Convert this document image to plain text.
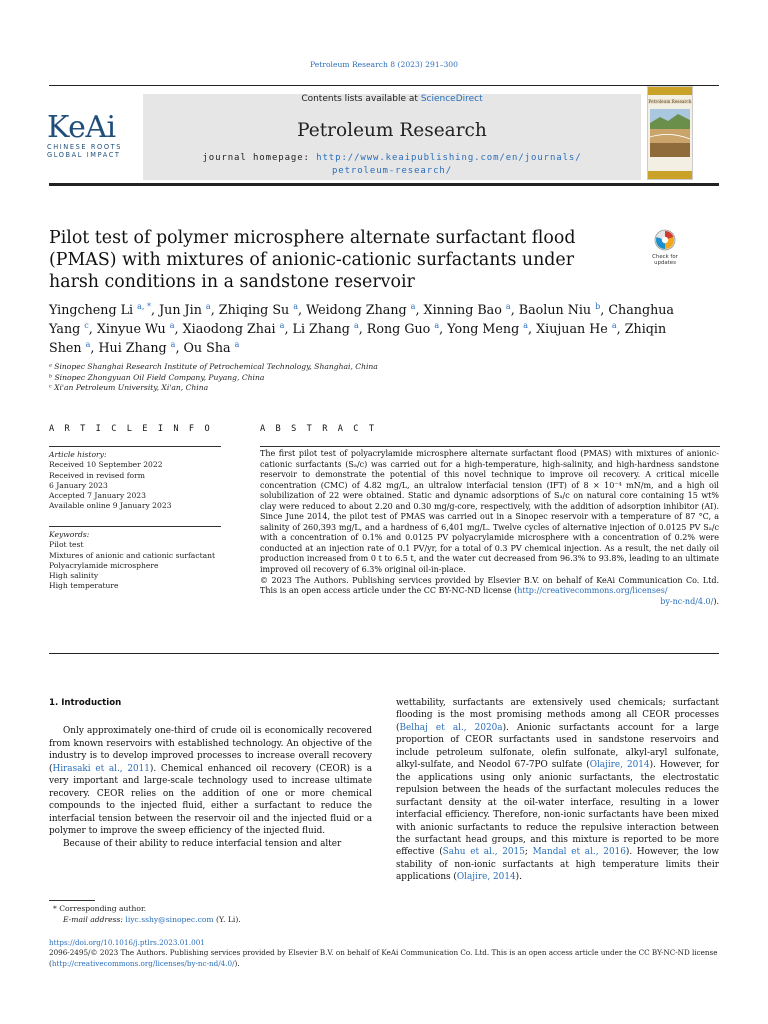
Petroleum Research 8 (2023) 291–300
KeAi
CHINESE ROOTS
GLOBAL IMPACT
Contents lists available at ScienceDirect
Petroleum Research
journal homepage: http://www.keaipublishing.com/en/journals/
petroleum-research/
Petroleum Research
Pilot test of polymer microsphere alternate surfactant flood (PMAS) with mixtures of anionic-cationic surfactants under harsh conditions in a sandstone reservoir
Check for
updates
Yingcheng Li $^{a, *}$, Jun Jin $^a$, Zhiqing Su $^a$, Weidong Zhang $^a$, Xinning Bao $^a$, Baolun Niu $^b$, Changhua Yang $^c$, Xinyue Wu $^a$, Xiaodong Zhai $^a$, Li Zhang $^a$, Rong Guo $^a$, Yong Meng $^a$, Xiujuan He $^a$, Zhiqin Shen $^a$, Hui Zhang $^a$, Ou Sha $^a$
ᵃ Sinopec Shanghai Research Institute of Petrochemical Technology, Shanghai, China
ᵇ Sinopec Zhongyuan Oil Field Company, Puyang, China
ᶜ Xi'an Petroleum University, Xi'an, China
A R T I C L E I N F O	A B S T R A C T
Article history:
Received 10 September 2022
Received in revised form
6 January 2023
Accepted 7 January 2023
Available online 9 January 2023
Keywords:
Pilot test
Mixtures of anionic and cationic surfactant
Polyacrylamide microsphere
High salinity
High temperature
The first pilot test of polyacrylamide microsphere alternate surfactant flood (PMAS) with mixtures of anionic-cationic surfactants (Sₐ/c) was carried out for a high-temperature, high-salinity, and high-hardness sandstone reservoir to demonstrate the potential of this novel technique to improve oil recovery. A critical micelle concentration (CMC) of 4.82 mg/L, an ultralow interfacial tension (IFT) of 8 × 10⁻⁴ mN/m, and a high oil solubilization of 22 were obtained. Static and dynamic adsorptions of Sₐ/c on natural core containing 15 wt% clay were reduced to about 2.20 and 0.30 mg/g-core, respectively, with the addition of adsorption inhibitor (AI). Since June 2014, the pilot test of PMAS was carried out in a Sinopec reservoir with a temperature of 87 °C, a salinity of 260,393 mg/L, and a hardness of 6,401 mg/L. Twelve cycles of alternative injection of 0.0125 PV Sₐ/c with a concentration of 0.1% and 0.0125 PV polyacrylamide microsphere with a concentration of 0.2% were conducted at an injection rate of 0.1 PV/yr, for a total of 0.3 PV chemical injection. As a result, the net daily oil production increased from 0 t to 6.5 t, and the water cut decreased from 96.3% to 93.8%, leading to an ultimate improved oil recovery of 6.3% original oil-in-place.
© 2023 The Authors. Publishing services provided by Elsevier B.V. on behalf of KeAi Communication Co. Ltd. This is an open access article under the CC BY-NC-ND license (http://creativecommons.org/licenses/
by-nc-nd/4.0/).
1. Introduction
Only approximately one-third of crude oil is economically recovered from known reservoirs with established technology. An objective of the industry is to develop improved processes to increase overall recovery (Hirasaki et al., 2011). Chemical enhanced oil recovery (CEOR) is a very important and large-scale technology used to increase ultimate recovery. CEOR relies on the addition of one or more chemical compounds to the injected fluid, either a surfactant to reduce the interfacial tension between the reservoir oil and the injected fluid or a polymer to improve the sweep efficiency of the injected fluid.
Because of their ability to reduce interfacial tension and alter
wettability, surfactants are extensively used chemicals; surfactant flooding is the most promising methods among all CEOR processes (Belhaj et al., 2020a). Anionic surfactants account for a large proportion of CEOR surfactants used in sandstone reservoirs and include petroleum sulfonate, olefin sulfonate, alkyl-aryl sulfonate, alkyl-sulfate, and Neodol 67-7PO sulfate (Olajire, 2014). However, for the applications using only anionic surfactants, the electrostatic repulsion between the heads of the surfactant molecules reduces the surfactant density at the oil-water interface, resulting in a lower interfacial efficiency. Therefore, non-ionic surfactants have been mixed with anionic surfactants to reduce the repulsive interaction between the surfactant head groups, and this mixture is reported to be more effective (Sahu et al., 2015; Mandal et al., 2016). However, the low stability of non-ionic surfactants at high temperature limits their applications (Olajire, 2014).
* Corresponding author.
E-mail address: liyc.sshy@sinopec.com (Y. Li).
https://doi.org/10.1016/j.ptlrs.2023.01.001
2096-2495/© 2023 The Authors. Publishing services provided by Elsevier B.V. on behalf of KeAi Communication Co. Ltd. This is an open access article under the CC BY-NC-ND license (http://creativecommons.org/licenses/by-nc-nd/4.0/).
